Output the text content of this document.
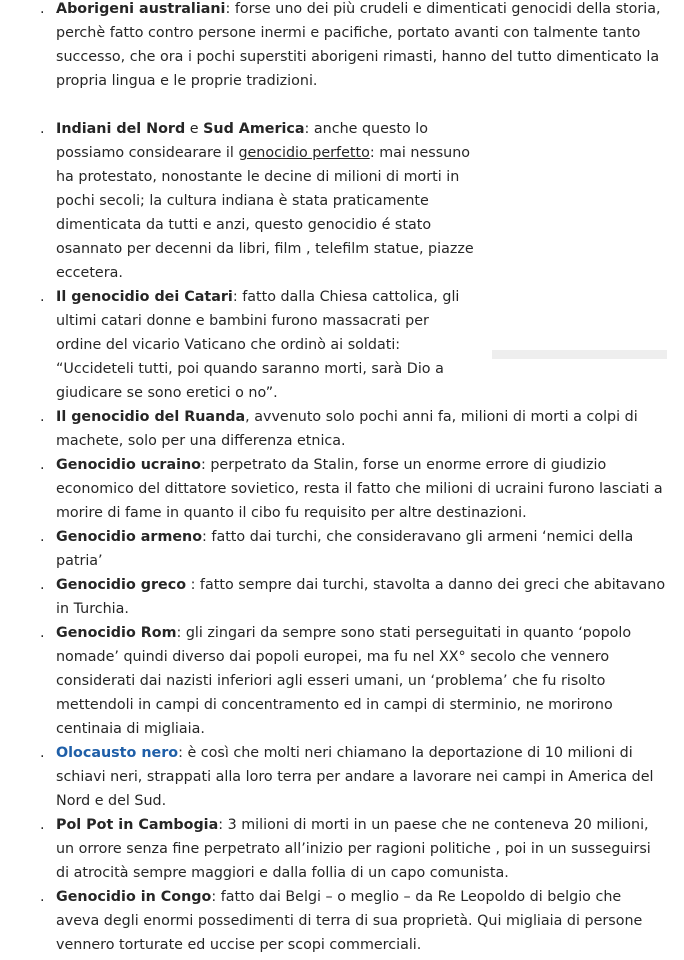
. Aborigeni australiani: forse uno dei più crudeli e dimenticati genocidi della storia, perchè fatto contro persone inermi e pacifiche, portato avanti con talmente tanto successo, che ora i pochi superstiti aborigeni rimasti, hanno del tutto dimenticato la propria lingua e le proprie tradizioni.
. Indiani del Nord e Sud America: anche questo lo possiamo considearare il genocidio perfetto: mai nessuno ha protestato, nonostante le decine di milioni di morti in pochi secoli; la cultura indiana è stata praticamente dimenticata da tutti e anzi, questo genocidio é stato osannato per decenni da libri, film , telefilm statue, piazze eccetera.
. Il genocidio dei Catari: fatto dalla Chiesa cattolica, gli ultimi catari donne e bambini furono massacrati per ordine del vicario Vaticano che ordinò ai soldati: “Uccideteli tutti, poi quando saranno morti, sarà Dio a giudicare se sono eretici o no”.
. Il genocidio del Ruanda, avvenuto solo pochi anni fa, milioni di morti a colpi di machete, solo per una differenza etnica.
. Genocidio ucraino: perpetrato da Stalin, forse un enorme errore di giudizio economico del dittatore sovietico, resta il fatto che milioni di ucraini furono lasciati a morire di fame in quanto il cibo fu requisito per altre destinazioni.
. Genocidio armeno: fatto dai turchi, che consideravano gli armeni ‘nemici della patria’
. Genocidio greco : fatto sempre dai turchi, stavolta a danno dei greci che abitavano in Turchia.
. Genocidio Rom: gli zingari da sempre sono stati perseguitati in quanto ‘popolo nomade’ quindi diverso dai popoli europei, ma fu nel XX° secolo che vennero considerati dai nazisti inferiori agli esseri umani, un ‘problema’ che fu risolto mettendoli in campi di concentramento ed in campi di sterminio, ne morirono centinaia di migliaia.
. Olocausto nero: è così che molti neri chiamano la deportazione di 10 milioni di schiavi neri, strappati alla loro terra per andare a lavorare nei campi in America del Nord e del Sud.
. Pol Pot in Cambogia: 3 milioni di morti in un paese che ne conteneva 20 milioni, un orrore senza fine perpetrato all’inizio per ragioni politiche , poi in un susseguirsi di atrocità sempre maggiori e dalla follia di un capo comunista.
. Genocidio in Congo: fatto dai Belgi – o meglio – da Re Leopoldo di belgio che aveva degli enormi possedimenti di terra di sua proprietà. Qui migliaia di persone vennero torturate ed uccise per scopi commerciali.
